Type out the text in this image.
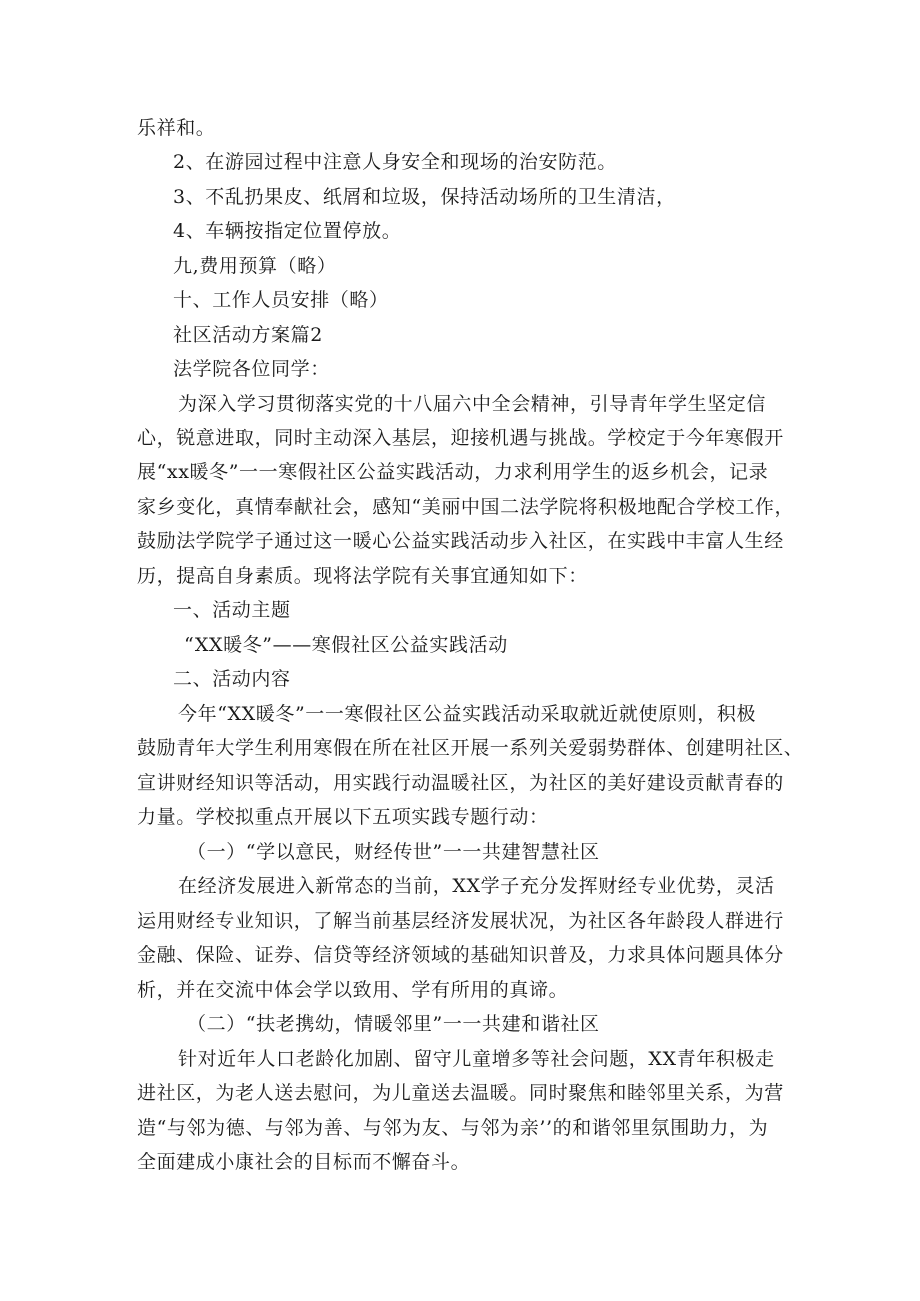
乐祥和。
2、在游园过程中注意人身安全和现场的治安防范。
3、不乱扔果皮、纸屑和垃圾，保持活动场所的卫生清洁，
4、车辆按指定位置停放。
九,费用预算（略）
十、工作人员安排（略）
社区活动方案篇2
法学院各位同学：
为深入学习贯彻落实党的十八届六中全会精神，引导青年学生坚定信
心，锐意进取，同时主动深入基层，迎接机遇与挑战。学校定于今年寒假开
展“xx暖冬”一一寒假社区公益实践活动，力求利用学生的返乡机会，记录
家乡变化，真情奉献社会，感知“美丽中国二法学院将积极地配合学校工作，
鼓励法学院学子通过这一暖心公益实践活动步入社区，在实践中丰富人生经
历，提高自身素质。现将法学院有关事宜通知如下：
一、活动主题
“XX暖冬”——寒假社区公益实践活动
二、活动内容
今年“XX暖冬”一一寒假社区公益实践活动采取就近就使原则，积极
鼓励青年大学生利用寒假在所在社区开展一系列关爱弱势群体、创建明社区、
宣讲财经知识等活动，用实践行动温暖社区，为社区的美好建设贡献青春的
力量。学校拟重点开展以下五项实践专题行动：
（一）“学以意民，财经传世”一一共建智慧社区
在经济发展进入新常态的当前，XX学子充分发挥财经专业优势，灵活
运用财经专业知识，了解当前基层经济发展状况，为社区各年龄段人群进行
金融、保险、证券、信贷等经济领域的基础知识普及，力求具体问题具体分
析，并在交流中体会学以致用、学有所用的真谛。
（二）“扶老携幼，情暖邻里”一一共建和谐社区
针对近年人口老龄化加剧、留守儿童增多等社会问题，XX青年积极走
进社区，为老人送去慰问，为儿童送去温暖。同时聚焦和睦邻里关系，为营
造“与邻为德、与邻为善、与邻为友、与邻为亲’’的和谐邻里氛围助力，为
全面建成小康社会的目标而不懈奋斗。
